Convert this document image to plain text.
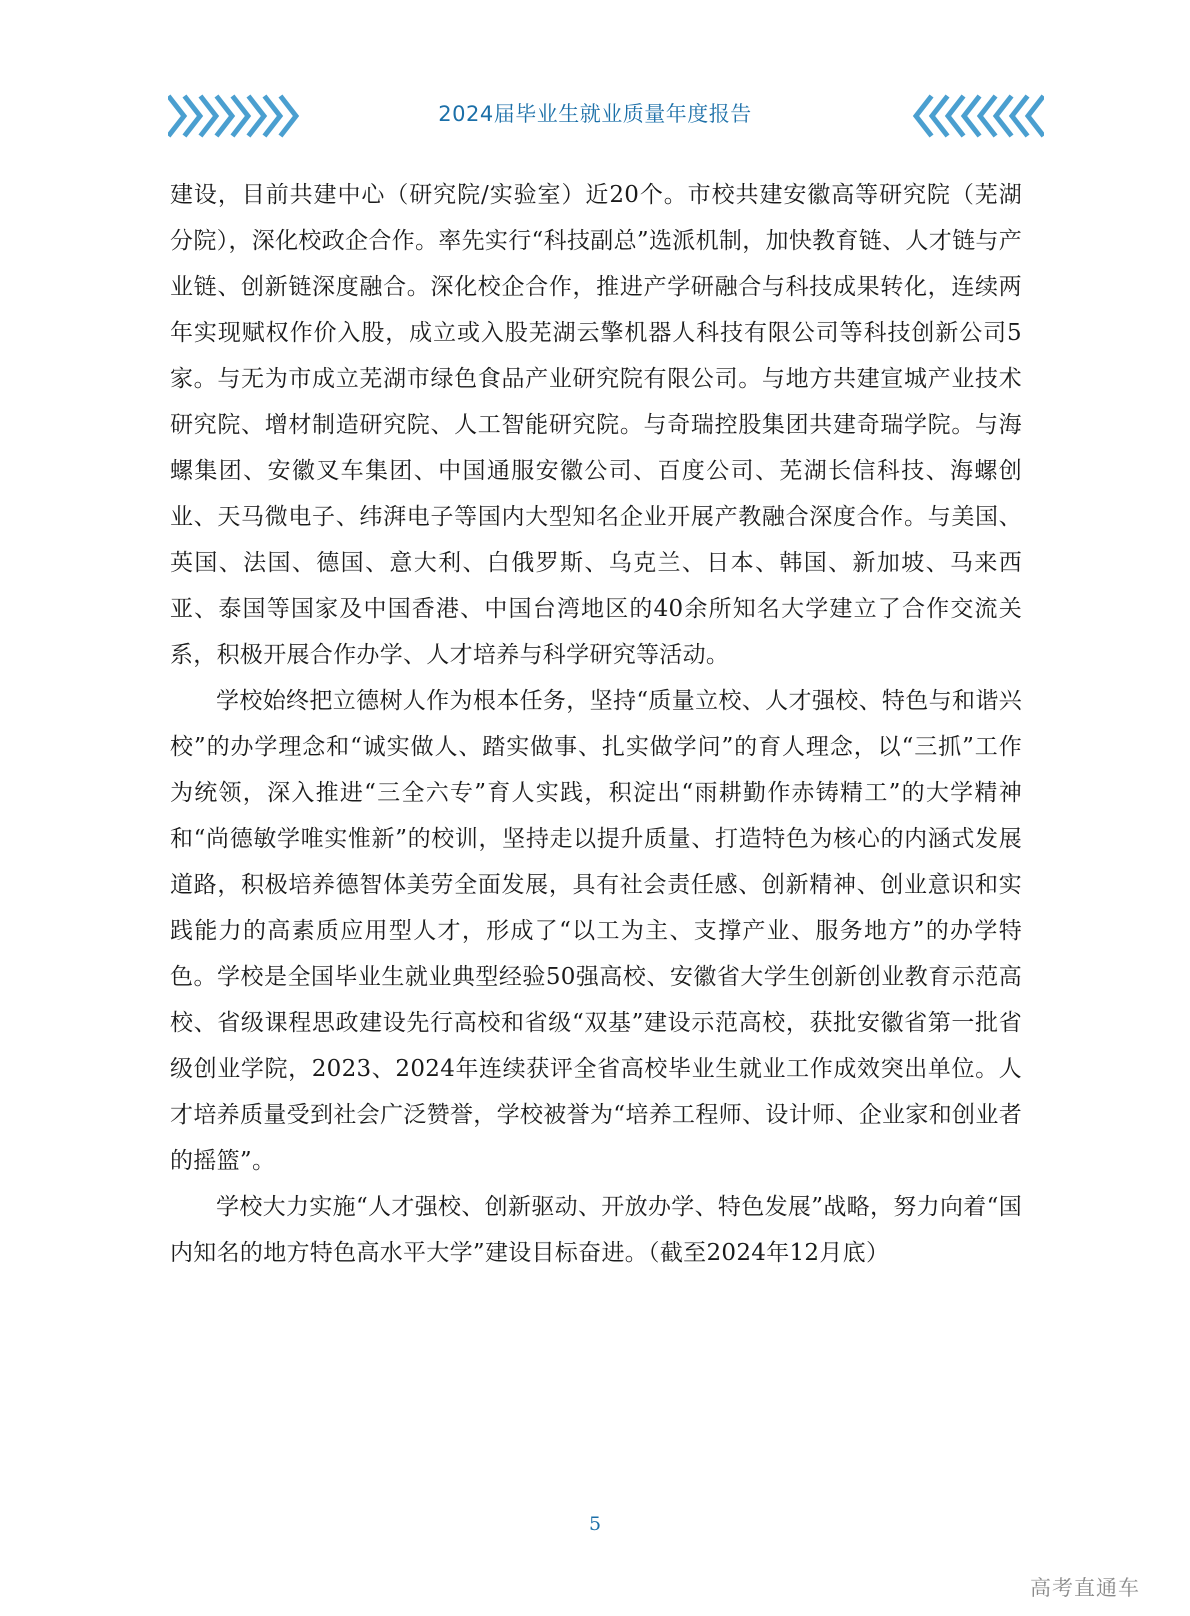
2024届毕业生就业质量年度报告

建设，目前共建中心（研究院/实验室）近20个。市校共建安徽高等研究院（芜湖分院），深化校政企合作。率先实行“科技副总”选派机制，加快教育链、人才链与产业链、创新链深度融合。深化校企合作，推进产学研融合与科技成果转化，连续两年实现赋权作价入股，成立或入股芜湖云擎机器人科技有限公司等科技创新公司5家。与无为市成立芜湖市绿色食品产业研究院有限公司。与地方共建宣城产业技术研究院、增材制造研究院、人工智能研究院。与奇瑞控股集团共建奇瑞学院。与海螺集团、安徽叉车集团、中国通服安徽公司、百度公司、芜湖长信科技、海螺创业、天马微电子、纬湃电子等国内大型知名企业开展产教融合深度合作。与美国、英国、法国、德国、意大利、白俄罗斯、乌克兰、日本、韩国、新加坡、马来西亚、泰国等国家及中国香港、中国台湾地区的40余所知名大学建立了合作交流关系，积极开展合作办学、人才培养与科学研究等活动。

学校始终把立德树人作为根本任务，坚持“质量立校、人才强校、特色与和谐兴校”的办学理念和“诚实做人、踏实做事、扎实做学问”的育人理念，以“三抓”工作为统领，深入推进“三全六专”育人实践，积淀出“雨耕勤作赤铸精工”的大学精神和“尚德敏学唯实惟新”的校训，坚持走以提升质量、打造特色为核心的内涵式发展道路，积极培养德智体美劳全面发展，具有社会责任感、创新精神、创业意识和实践能力的高素质应用型人才，形成了“以工为主、支撑产业、服务地方”的办学特色。学校是全国毕业生就业典型经验50强高校、安徽省大学生创新创业教育示范高校、省级课程思政建设先行高校和省级“双基”建设示范高校，获批安徽省第一批省级创业学院，2023、2024年连续获评全省高校毕业生就业工作成效突出单位。人才培养质量受到社会广泛赞誉，学校被誉为“培养工程师、设计师、企业家和创业者的摇篮”。

学校大力实施“人才强校、创新驱动、开放办学、特色发展”战略，努力向着“国内知名的地方特色高水平大学”建设目标奋进。（截至2024年12月底）

5
高考直通车
